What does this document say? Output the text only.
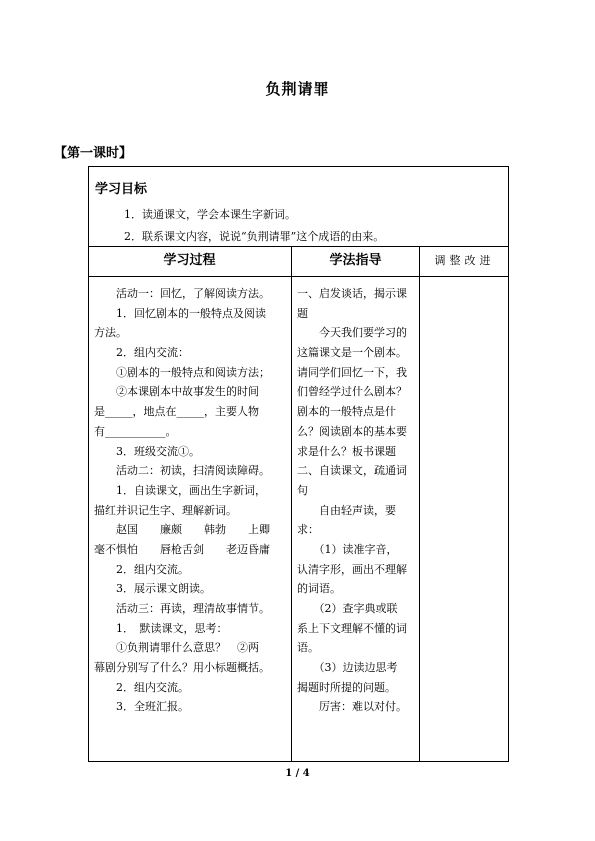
负荆请罪
【第一课时】
学习目标
1．读通课文，学会本课生字新词。
2．联系课文内容，说说“负荆请罪”这个成语的由来。
学习过程	学法指导	调整改进
　　活动一：回忆，了解阅读方法。
　　1．回忆剧本的一般特点及阅读
方法。
　　2．组内交流：
　　①剧本的一般特点和阅读方法；
　　②本课剧本中故事发生的时间
是_____，地点在_____，主要人物
有___________。
　　3．班级交流①。
　　活动二：初读，扫清阅读障碍。
　　1．自读课文，画出生字新词，
描红并识记生字、理解新词。
　　赵国　　廉颇　　韩勃　　上卿
毫不惧怕　　唇枪舌剑　　老迈昏庸
　　2．组内交流。
　　3．展示课文朗读。
　　活动三：再读，理清故事情节。
　　1．　默读课文，思考：
　　①负荆请罪什么意思？　②两
幕剧分别写了什么？用小标题概括。
　　2．组内交流。
　　3．全班汇报。
一、启发谈话，揭示课
题
　　今天我们要学习的
这篇课文是一个剧本。
请同学们回忆一下，我
们曾经学过什么剧本？
剧本的一般特点是什
么？阅读剧本的基本要
求是什么？板书课题
二、自读课文，疏通词
句
　　自由轻声读，要
求：
　　（1）读准字音，
认清字形，画出不理解
的词语。
　　（2）查字典或联
系上下文理解不懂的词
语。
　　（3）边读边思考
揭题时所提的问题。
　　厉害：难以对付。
1 / 4
